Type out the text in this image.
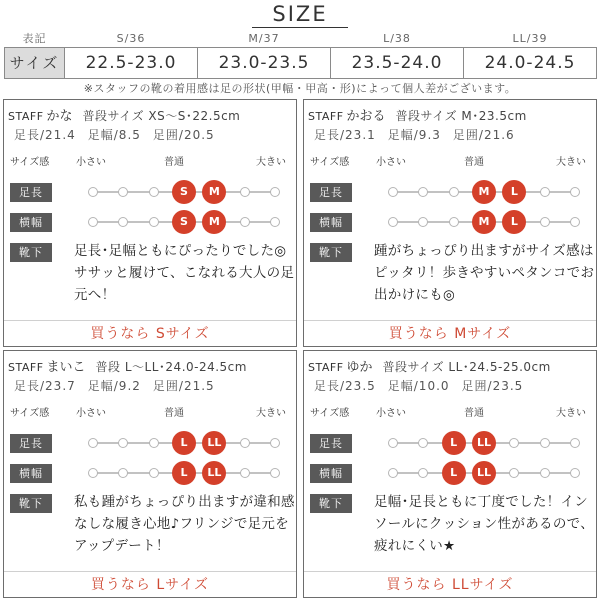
SIZE
表記	S/36	M/37	L/38	LL/39
サイズ	22.5-23.0	23.0-23.5	23.5-24.0	24.0-24.5
※スタッフの靴の着用感は足の形状(甲幅・甲高・形)によって個人差がございます。
STAFF かな 普段サイズ XS〜S･22.5cm
足長/21.4 足幅/8.5 足囲/20.5
サイズ感	小さい	普通	大きい
足長	S	M
横幅	S	M
靴下	足長･足幅ともにぴったりでした◎ササッと履けて、こなれる大人の足元へ！
買うなら Sサイズ
STAFF かおる 普段サイズ M･23.5cm
足長/23.1 足幅/9.3 足囲/21.6
サイズ感	小さい	普通	大きい
足長	M	L
横幅	M	L
靴下	踵がちょっぴり出ますがサイズ感はピッタリ！歩きやすいペタンコでお出かけにも◎
買うなら Mサイズ
STAFF まいこ 普段 L〜LL･24.0-24.5cm
足長/23.7 足幅/9.2 足囲/21.5
サイズ感	小さい	普通	大きい
足長	L	LL
横幅	L	LL
靴下	私も踵がちょっぴり出ますが違和感なしな履き心地♪フリンジで足元をアップデート！
買うなら Lサイズ
STAFF ゆか 普段サイズ LL･24.5-25.0cm
足長/23.5 足幅/10.0 足囲/23.5
サイズ感	小さい	普通	大きい
足長	L	LL
横幅	L	LL
靴下	足幅･足長ともに丁度でした！インソールにクッション性があるので、疲れにくい★
買うなら LLサイズ
